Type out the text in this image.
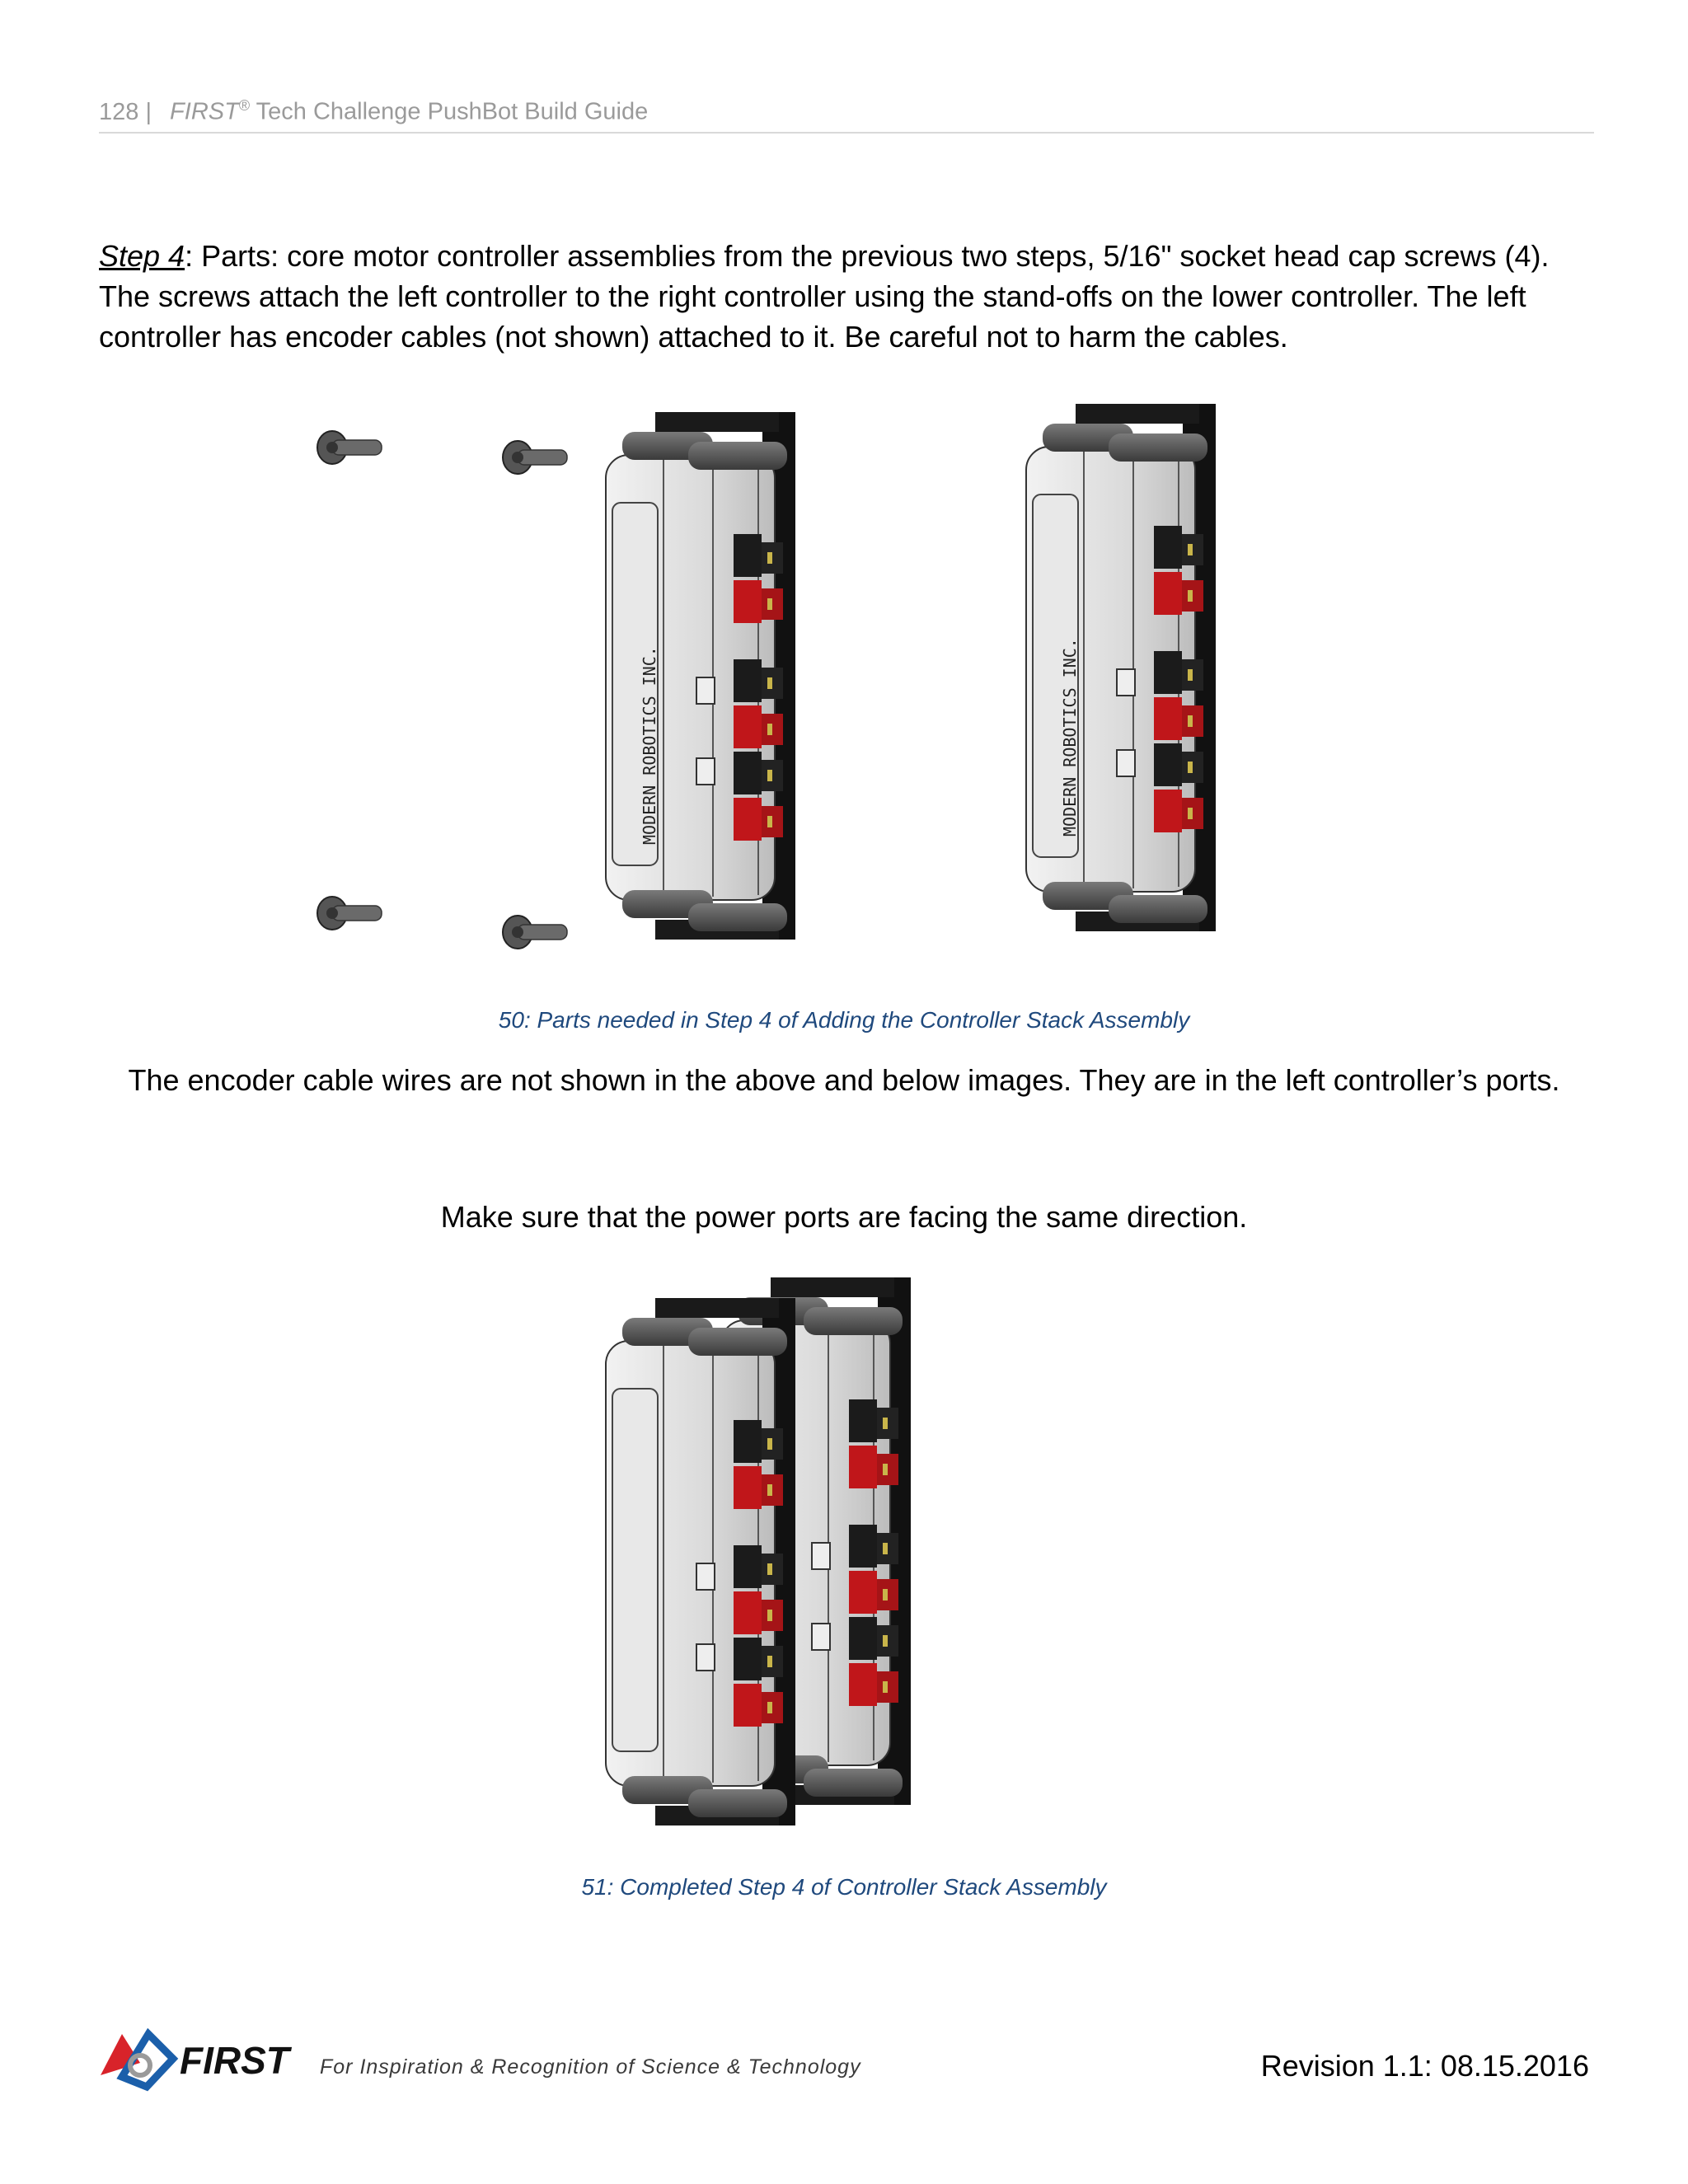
128 | FIRST® Tech Challenge PushBot Build Guide
Step 4: Parts: core motor controller assemblies from the previous two steps, 5/16" socket head cap screws (4). The screws attach the left controller to the right controller using the stand-offs on the lower controller. The left controller has encoder cables (not shown) attached to it. Be careful not to harm the cables.
MODERN ROBOTICS INC.	MODERN ROBOTICS INC.
50: Parts needed in Step 4 of Adding the Controller Stack Assembly
The encoder cable wires are not shown in the above and below images. They are in the left controller’s ports.
Make sure that the power ports are facing the same direction.
51: Completed Step 4 of Controller Stack Assembly
FIRST For Inspiration & Recognition of Science & Technology	Revision 1.1: 08.15.2016
